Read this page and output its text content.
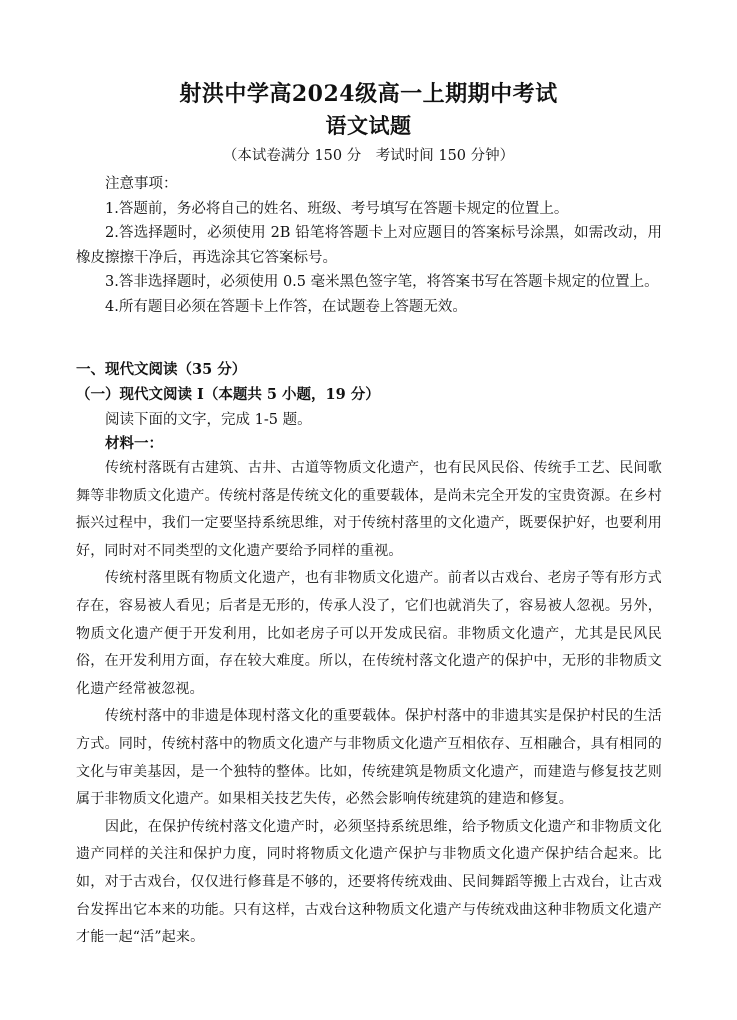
射洪中学高2024级高一上期期中考试
语文试题
（本试卷满分 150 分　考试时间 150 分钟）

注意事项：

1.答题前，务必将自己的姓名、班级、考号填写在答题卡规定的位置上。

2.答选择题时，必须使用 2B 铅笔将答题卡上对应题目的答案标号涂黑，如需改动，用橡皮擦擦干净后，再选涂其它答案标号。

3.答非选择题时，必须使用 0.5 毫米黑色签字笔，将答案书写在答题卡规定的位置上。

4.所有题目必须在答题卡上作答，在试题卷上答题无效。

一、现代文阅读（35 分）
（一）现代文阅读 I（本题共 5 小题，19 分）
阅读下面的文字，完成 1-5 题。
材料一：

传统村落既有古建筑、古井、古道等物质文化遗产，也有民风民俗、传统手工艺、民间歌舞等非物质文化遗产。传统村落是传统文化的重要载体，是尚未完全开发的宝贵资源。在乡村振兴过程中，我们一定要坚持系统思维，对于传统村落里的文化遗产，既要保护好，也要利用好，同时对不同类型的文化遗产要给予同样的重视。

传统村落里既有物质文化遗产，也有非物质文化遗产。前者以古戏台、老房子等有形方式存在，容易被人看见；后者是无形的，传承人没了，它们也就消失了，容易被人忽视。另外，物质文化遗产便于开发利用，比如老房子可以开发成民宿。非物质文化遗产，尤其是民风民俗，在开发利用方面，存在较大难度。所以，在传统村落文化遗产的保护中，无形的非物质文化遗产经常被忽视。

传统村落中的非遗是体现村落文化的重要载体。保护村落中的非遗其实是保护村民的生活方式。同时，传统村落中的物质文化遗产与非物质文化遗产互相依存、互相融合，具有相同的文化与审美基因，是一个独特的整体。比如，传统建筑是物质文化遗产，而建造与修复技艺则属于非物质文化遗产。如果相关技艺失传，必然会影响传统建筑的建造和修复。

因此，在保护传统村落文化遗产时，必须坚持系统思维，给予物质文化遗产和非物质文化遗产同样的关注和保护力度，同时将物质文化遗产保护与非物质文化遗产保护结合起来。比如，对于古戏台，仅仅进行修葺是不够的，还要将传统戏曲、民间舞蹈等搬上古戏台，让古戏台发挥出它本来的功能。只有这样，古戏台这种物质文化遗产与传统戏曲这种非物质文化遗产才能一起“活”起来。
